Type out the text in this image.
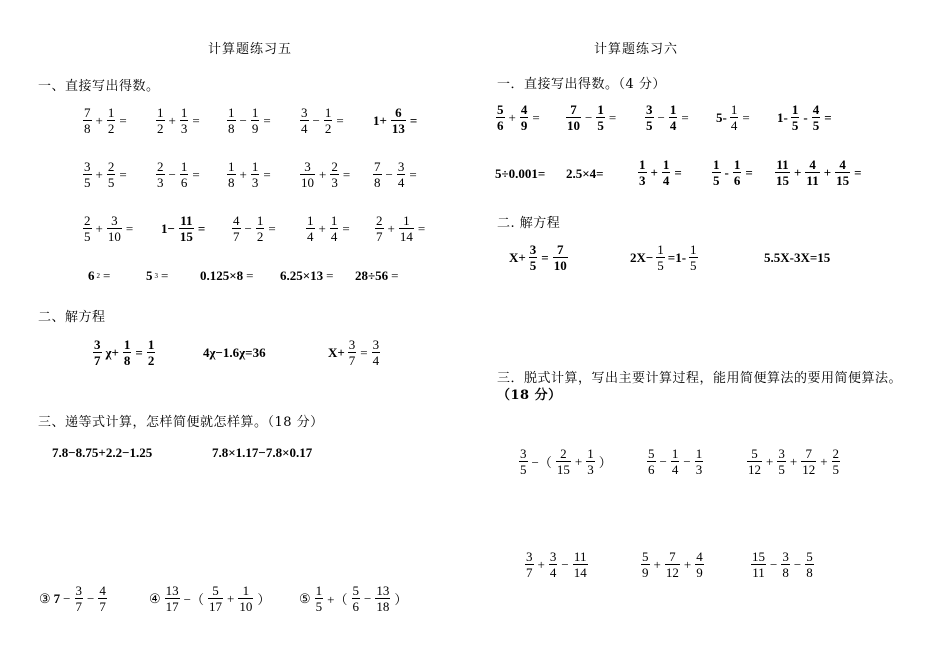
计算题练习五
一、直接写出得数。
$\frac{7}{8} + \frac{1}{2} = \frac{1}{2} + \frac{1}{3} = \frac{1}{8} - \frac{1}{9} = \frac{3}{4} - \frac{1}{2} = 1+ \frac{6}{13}$ =
$\frac{3}{5} + \frac{2}{5} = \frac{2}{3} - \frac{1}{6} = \frac{1}{8} + \frac{1}{3} = \frac{3}{10} + \frac{2}{3} = \frac{7}{8} - \frac{3}{4}$ =
$\frac{2}{5} + \frac{3}{10} = 1- \frac{11}{15} = \frac{4}{7} - \frac{1}{2} = \frac{1}{4} + \frac{1}{4} = \frac{2}{7} + \frac{1}{14}$ =
6 2 =	5 3 = 0.125×8 = 6.25×13 = 28÷56 =
二、解方程
$\frac{3}{7} \chi+ \frac{1}{8} = \frac{1}{2}$	4χ−1.6χ=36	$X+ \frac{3}{7} = \frac{3}{4}$
三、递等式计算，怎样简便就怎样算。（18 分）
7.8−8.75+2.2−1.25	7.8×1.17−7.8×0.17
③ $7 - \frac{3}{7} - \frac{4}{7}$	④ $\frac{13}{17}$ −（ $\frac{5}{17} + \frac{1}{10}$ ） ⑤ $\frac{1}{5}$ +（ $\frac{5}{6} - \frac{13}{18}$ ）
计算题练习六
一．直接写出得数。（4 分）
$\frac{5}{6} + \frac{4}{9} = \frac{7}{10} - \frac{1}{5} = \frac{3}{5} - \frac{1}{4} = 5- \frac{1}{4} = 1- \frac{1}{5} - \frac{4}{5}$ =
5÷0.001= 2.5×4=	$\frac{1}{3} + \frac{1}{4} = \frac{1}{5} - \frac{1}{6} = \frac{11}{15} + \frac{4}{11} + \frac{4}{15}$ =
二. 解方程
$X+ \frac{3}{5} = \frac{7}{10}$	$2X- \frac{1}{5} =1- \frac{1}{5}$	5.5X-3X=15
三．脱式计算，写出主要计算过程，能用简便算法的要用简便算法。
（18 分）
$\frac{3}{5}$ −（ $\frac{2}{15} + \frac{1}{3}$ ）	$\frac{5}{6} - \frac{1}{4} - \frac{1}{3}$	$\frac{5}{12} + \frac{3}{5} + \frac{7}{12} + \frac{2}{5}$
$\frac{3}{7} + \frac{3}{4} - \frac{11}{14}$	$\frac{5}{9} + \frac{7}{12} + \frac{4}{9}$	$\frac{15}{11} - \frac{3}{8} - \frac{5}{8}$
